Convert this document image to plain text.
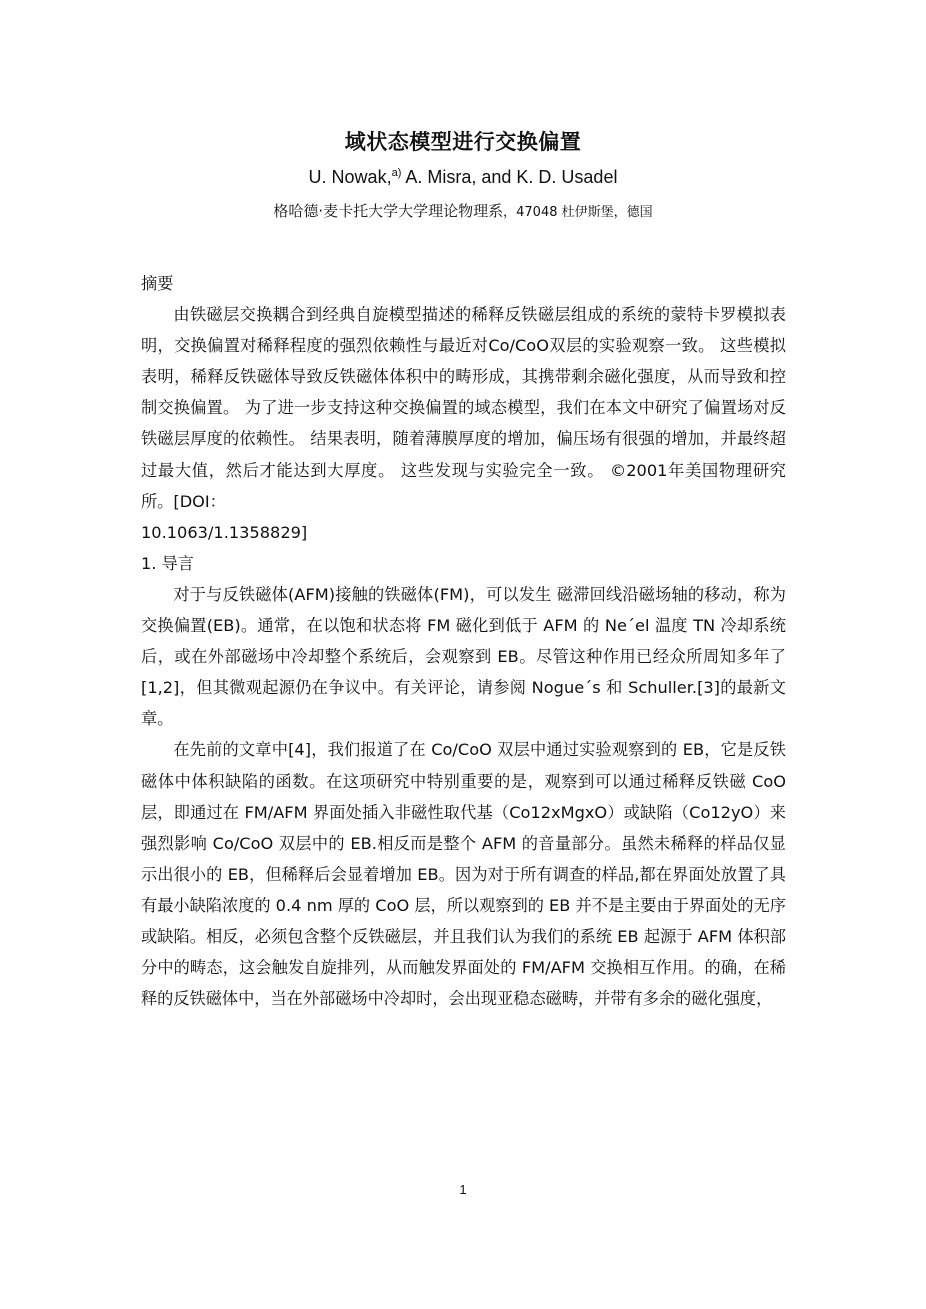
域状态模型进行交换偏置
U. Nowak,$^{a)}$ A. Misra, and K. D. Usadel
格哈德·麦卡托大学大学理论物理系，47048 杜伊斯堡，德国

摘要

由铁磁层交换耦合到经典自旋模型描述的稀释反铁磁层组成的系统的蒙特卡罗模拟表明，交换偏置对稀释程度的强烈依赖性与最近对Co/CoO双层的实验观察一致。 这些模拟表明，稀释反铁磁体导致反铁磁体体积中的畴形成，其携带剩余磁化强度，从而导致和控制交换偏置。 为了进一步支持这种交换偏置的域态模型，我们在本文中研究了偏置场对反铁磁层厚度的依赖性。 结果表明，随着薄膜厚度的增加，偏压场有很强的增加，并最终超过最大值，然后才能达到大厚度。 这些发现与实验完全一致。 ©2001年美国物理研究所。[DOI：

10.1063/1.1358829]

1. 导言

对于与反铁磁体(AFM)接触的铁磁体(FM)，可以发生 磁滞回线沿磁场轴的移动，称为交换偏置(EB)。通常，在以饱和状态将 FM 磁化到低于 AFM 的 Ne´el 温度 TN 冷却系统后，或在外部磁场中冷却整个系统后，会观察到 EB。尽管这种作用已经众所周知多年了[1,2]，但其微观起源仍在争议中。有关评论，请参阅 Nogue´s 和 Schuller.[3]的最新文章。

在先前的文章中[4]，我们报道了在 Co/CoO 双层中通过实验观察到的 EB，它是反铁磁体中体积缺陷的函数。在这项研究中特别重要的是，观察到可以通过稀释反铁磁 CoO 层，即通过在 FM/AFM 界面处插入非磁性取代基（Co12xMgxO）或缺陷（Co12yO）来强烈影响 Co/CoO 双层中的 EB.相反而是整个 AFM 的音量部分。虽然未稀释的样品仅显示出很小的 EB，但稀释后会显着增加 EB。因为对于所有调查的样品,都在界面处放置了具有最小缺陷浓度的 0.4 nm 厚的 CoO 层，所以观察到的 EB 并不是主要由于界面处的无序或缺陷。相反，必须包含整个反铁磁层，并且我们认为我们的系统 EB 起源于 AFM 体积部分中的畴态，这会触发自旋排列，从而触发界面处的 FM/AFM 交换相互作用。的确，在稀释的反铁磁体中，当在外部磁场中冷却时，会出现亚稳态磁畴，并带有多余的磁化强度，

1
